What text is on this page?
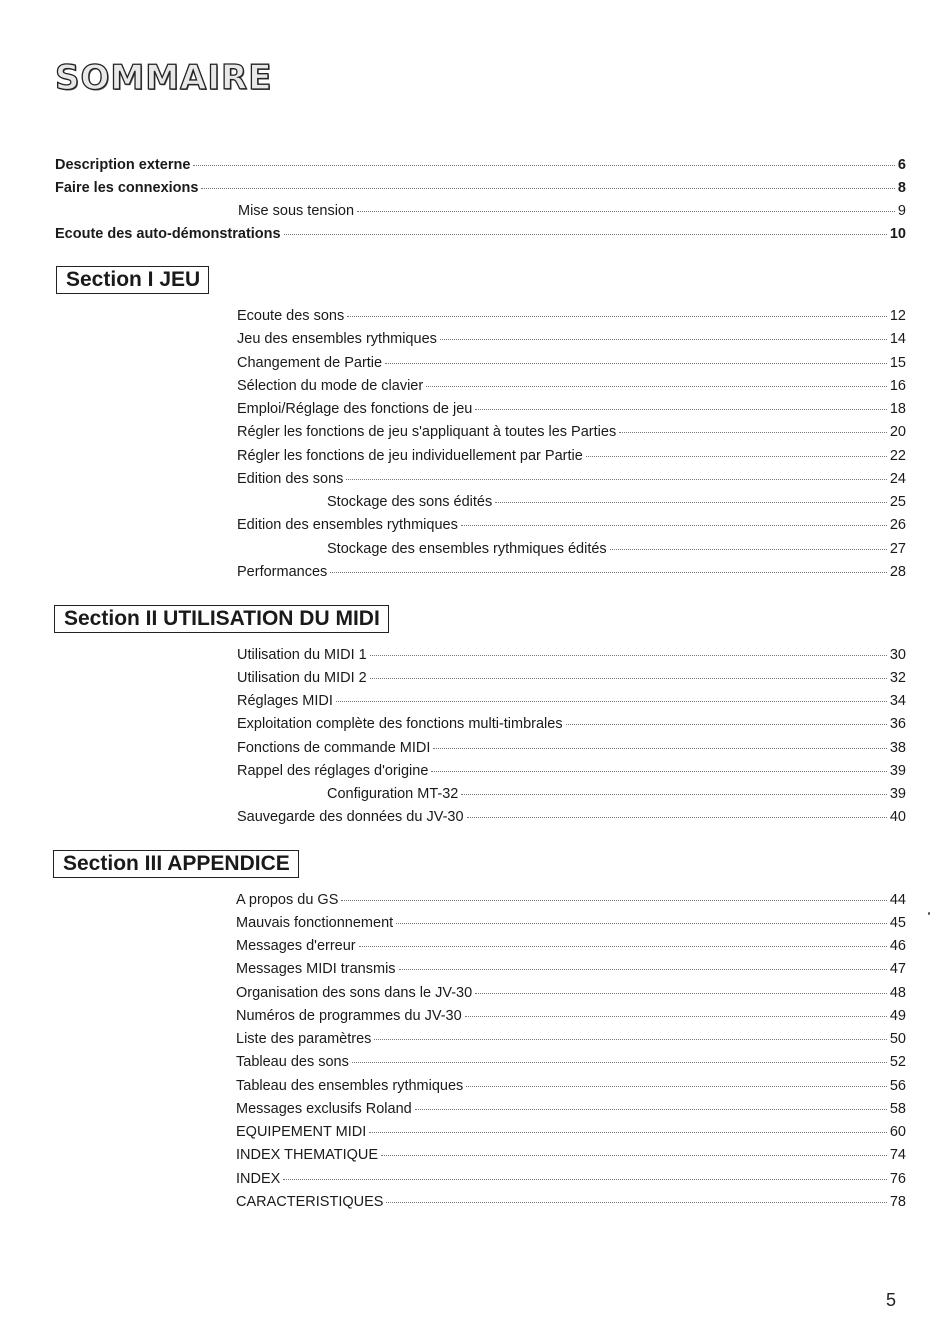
SOMMAIRE
Description externe	6
Faire les connexions	8
Mise sous tension	9
Ecoute des auto-démonstrations	10
Section I JEU
Ecoute des sons	12
Jeu des ensembles rythmiques	14
Changement de Partie	15
Sélection du mode de clavier	16
Emploi/Réglage des fonctions de jeu	18
Régler les fonctions de jeu s'appliquant à toutes les Parties	20
Régler les fonctions de jeu individuellement par Partie	22
Edition des sons	24
Stockage des sons édités	25
Edition des ensembles rythmiques	26
Stockage des ensembles rythmiques édités	27
Performances	28
Section II UTILISATION DU MIDI
Utilisation du MIDI 1	30
Utilisation du MIDI 2	32
Réglages MIDI	34
Exploitation complète des fonctions multi-timbrales	36
Fonctions de commande MIDI	38
Rappel des réglages d'origine	39
Configuration MT-32	39
Sauvegarde des données du JV-30	40
Section III APPENDICE
A propos du GS	44
Mauvais fonctionnement	45
Messages d'erreur	46
Messages MIDI transmis	47
Organisation des sons dans le JV-30	48
Numéros de programmes du JV-30	49
Liste des paramètres	50
Tableau des sons	52
Tableau des ensembles rythmiques	56
Messages exclusifs Roland	58
EQUIPEMENT MIDI	60
INDEX THEMATIQUE	74
INDEX	76
CARACTERISTIQUES	78
5
